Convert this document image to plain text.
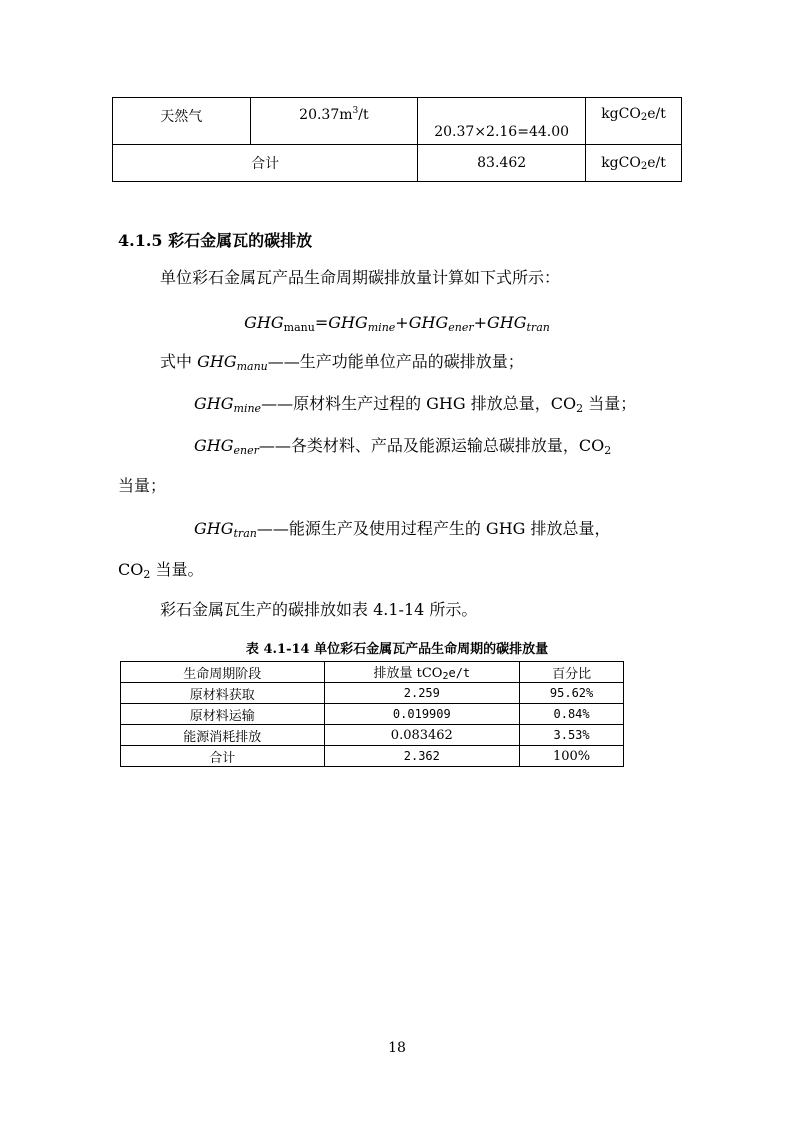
天然气	$20.37m^3/t$	20.37×2.16=44.00	kgCO$_2$e/t
合计		83.462	kgCO$_2$e/t
4.1.5 彩石金属瓦的碳排放
单位彩石金属瓦产品生命周期碳排放量计算如下式所示：
GHGmanu=GHGmine+GHGener+GHGtran
式中 GHGmanu——生产功能单位产品的碳排放量；
GHGmine——原材料生产过程的 GHG 排放总量，CO2 当量；
GHGener——各类材料、产品及能源运输总碳排放量，CO2
当量；
GHGtran——能源生产及使用过程产生的 GHG 排放总量，
CO2 当量。
彩石金属瓦生产的碳排放如表 4.1-14 所示。
表 4.1-14 单位彩石金属瓦产品生命周期的碳排放量
生命周期阶段	排放量 tCO$_2$e/t	百分比
原材料获取	2.259	95.62%
原材料运输	0.019909	0.84%
能源消耗排放	0.083462	3.53%
合计	2.362	100%
18
